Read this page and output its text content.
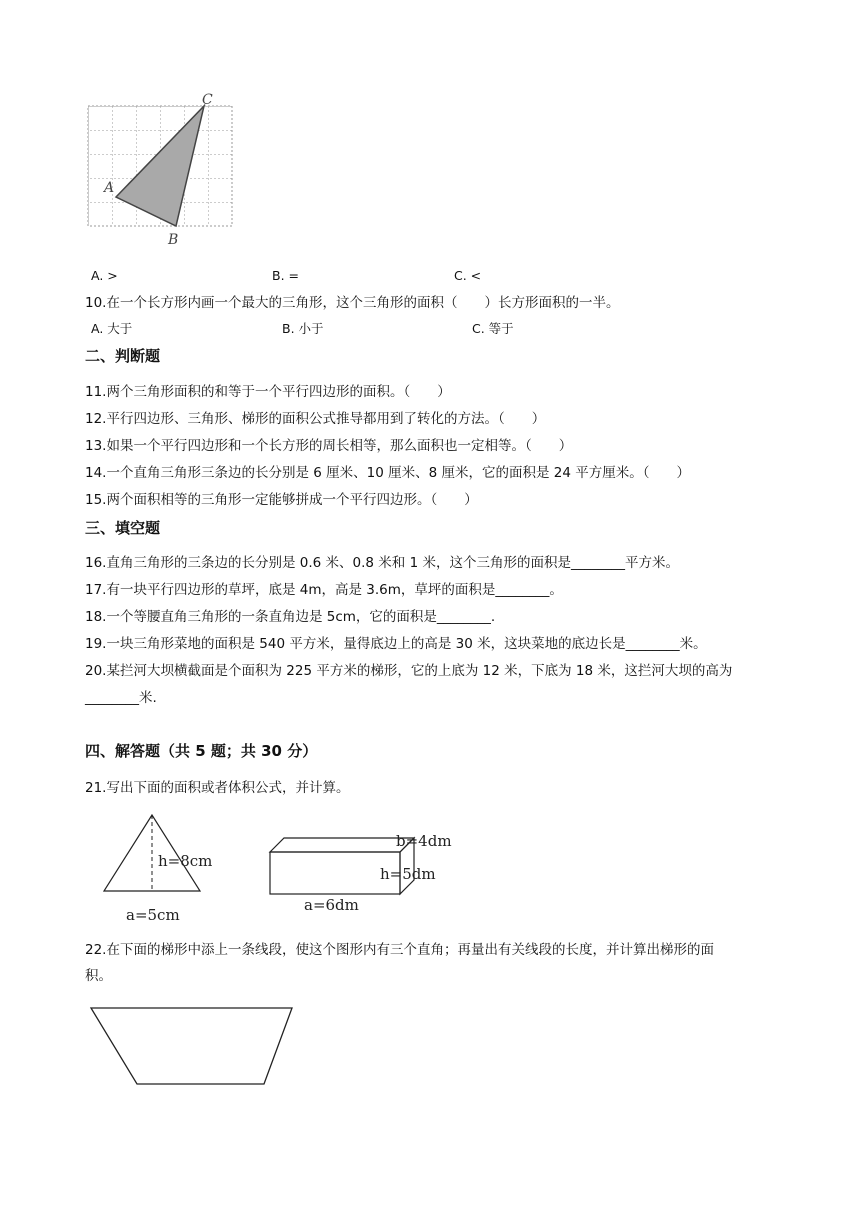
A
C
B
A. >	B. =	C. <
10.在一个长方形内画一个最大的三角形，这个三角形的面积（　　）长方形面积的一半。
A. 大于	B. 小于	C. 等于
二、判断题
11.两个三角形面积的和等于一个平行四边形的面积。（　　）
12.平行四边形、三角形、梯形的面积公式推导都用到了转化的方法。（　　）
13.如果一个平行四边形和一个长方形的周长相等，那么面积也一定相等。（　　）
14.一个直角三角形三条边的长分别是 6 厘米、10 厘米、8 厘米，它的面积是 24 平方厘米。（　　）
15.两个面积相等的三角形一定能够拼成一个平行四边形。（　　）
三、填空题
16.直角三角形的三条边的长分别是 0.6 米、0.8 米和 1 米，这个三角形的面积是________平方米。
17.有一块平行四边形的草坪，底是 4m，高是 3.6m，草坪的面积是________。
18.一个等腰直角三角形的一条直角边是 5cm，它的面积是________.
19.一块三角形菜地的面积是 540 平方米，量得底边上的高是 30 米，这块菜地的底边长是________米。
20.某拦河大坝横截面是个面积为 225 平方米的梯形，它的上底为 12 米，下底为 18 米，这拦河大坝的高为
________米.
四、解答题（共 5 题；共 30 分）
21.写出下面的面积或者体积公式，并计算。
h=8cm
a=5cm
b=4dm
h=5dm
a=6dm
22.在下面的梯形中添上一条线段，使这个图形内有三个直角；再量出有关线段的长度，并计算出梯形的面
积。
